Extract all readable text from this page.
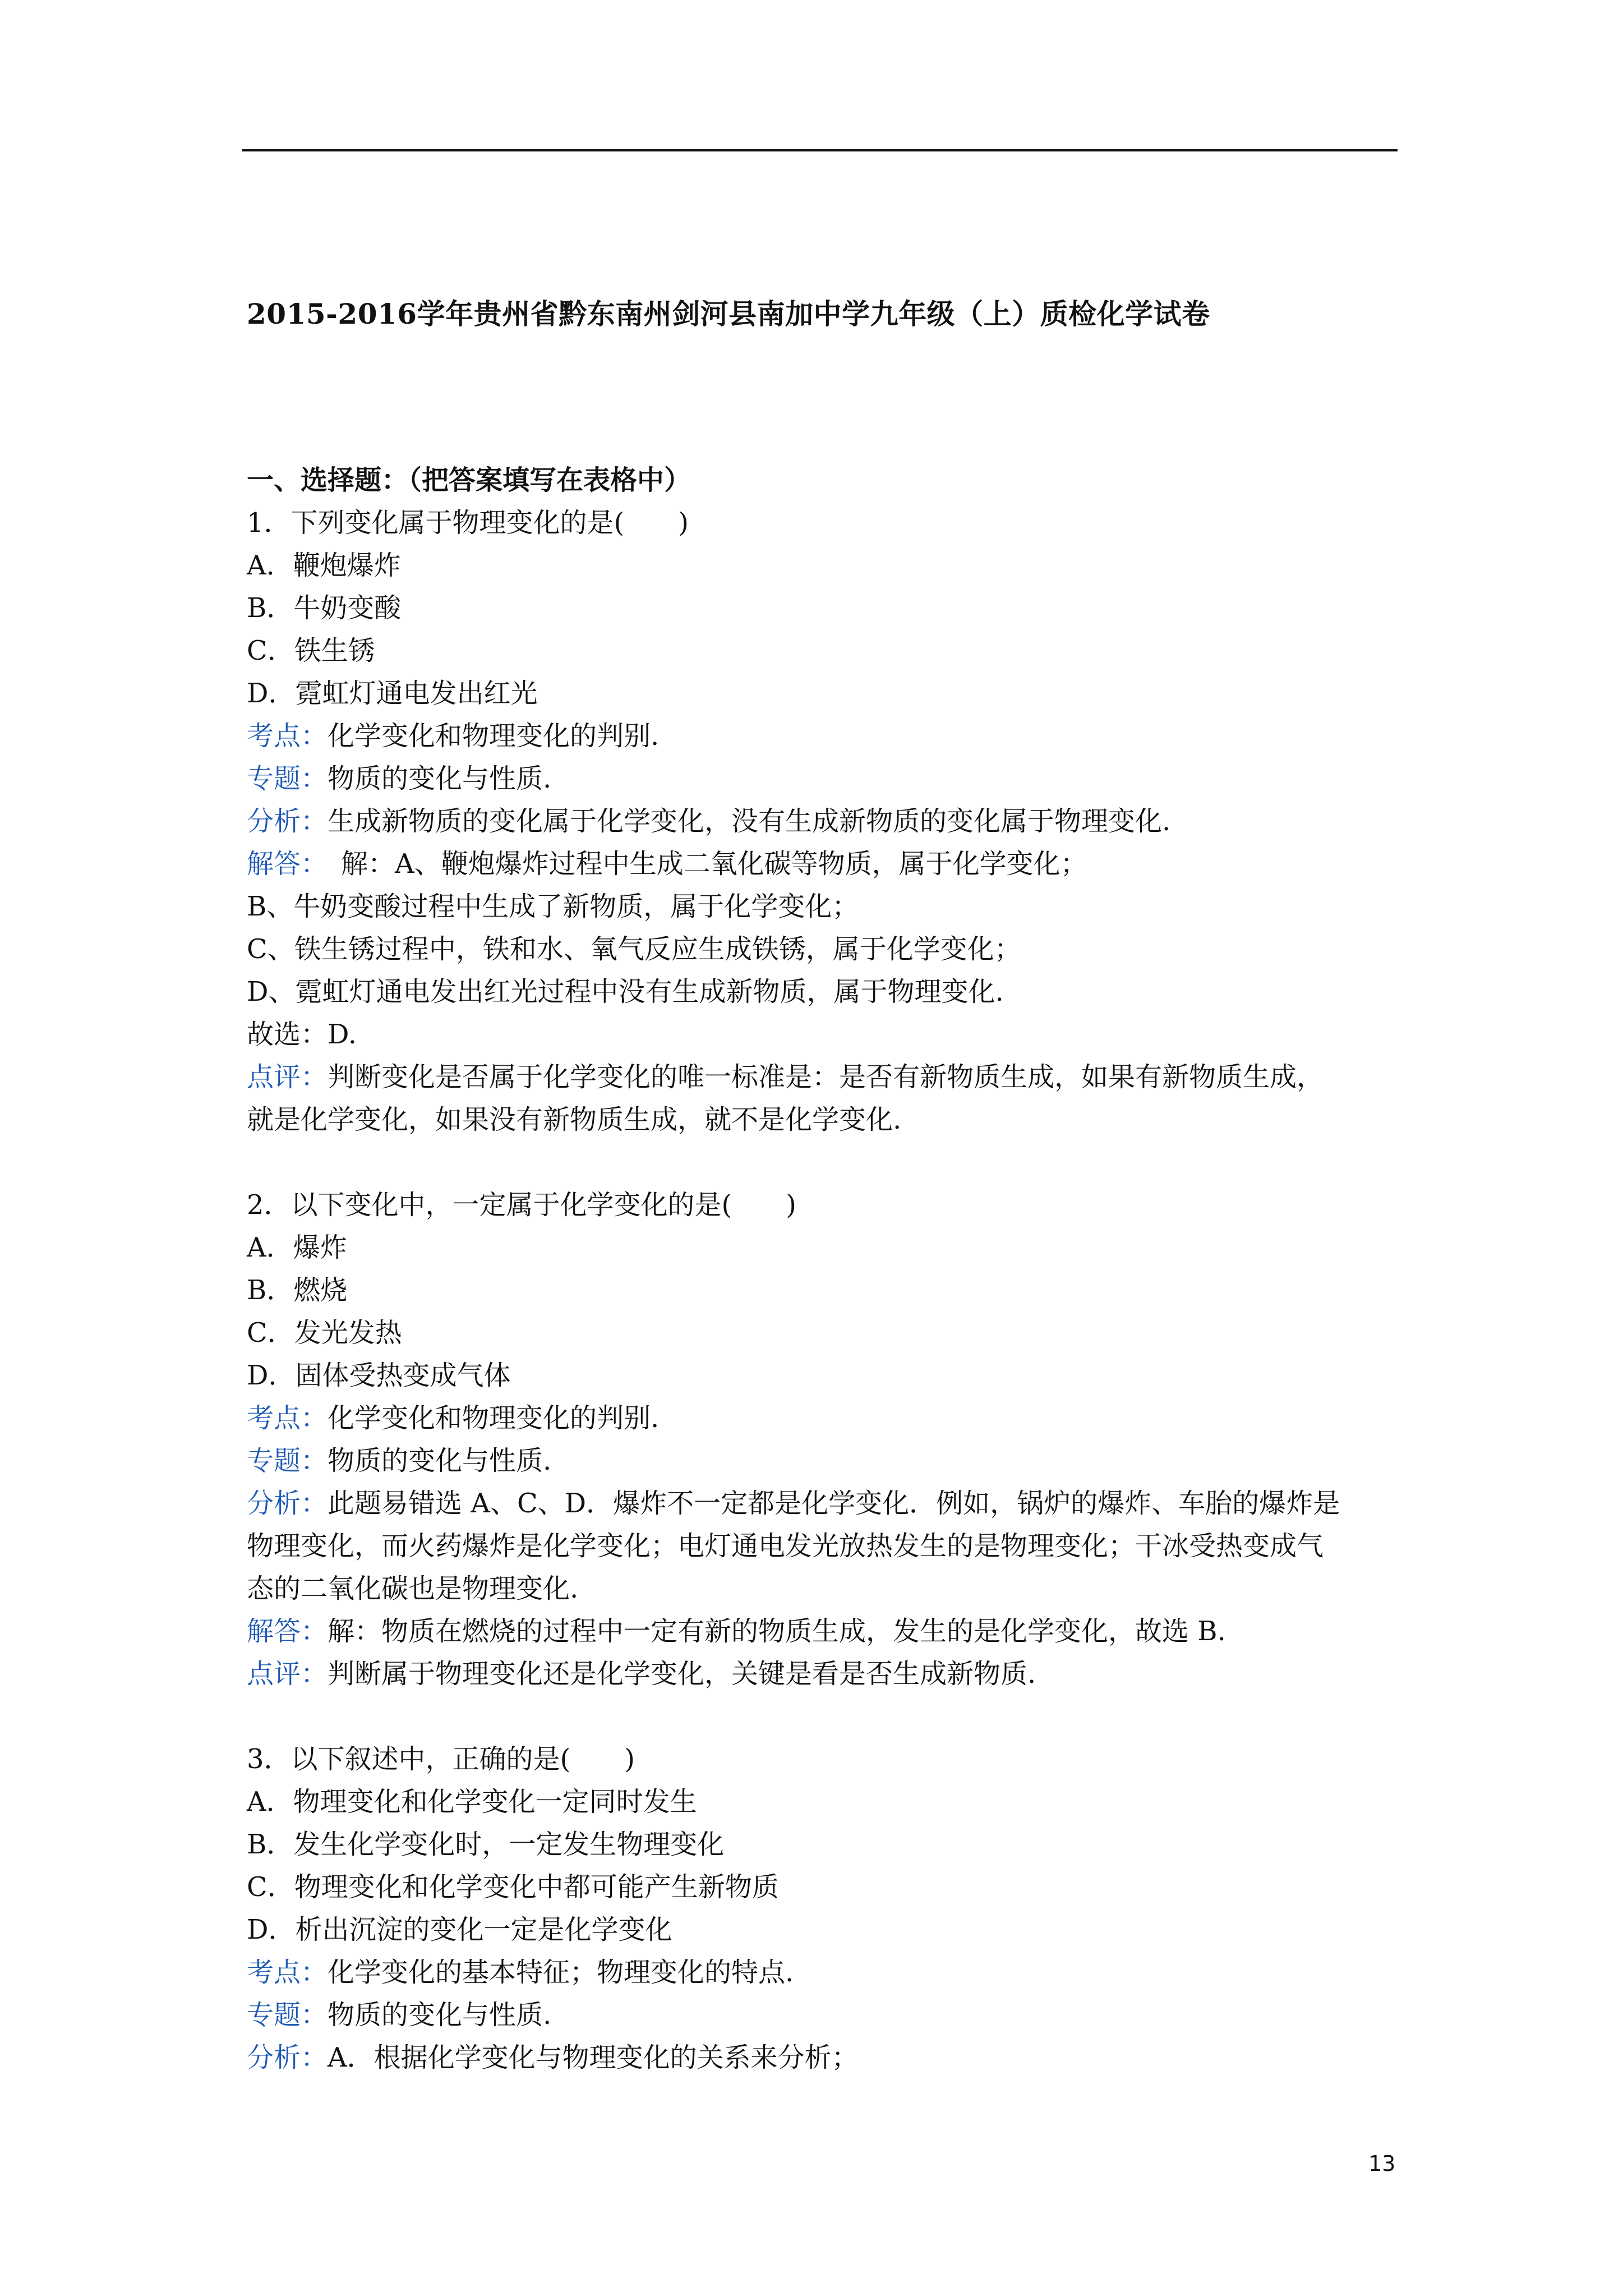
2015-2016学年贵州省黔东南州剑河县南加中学九年级（上）质检化学试卷
一、选择题：（把答案填写在表格中）
1．下列变化属于物理变化的是(　　)
A．鞭炮爆炸
B．牛奶变酸
C．铁生锈
D．霓虹灯通电发出红光
考点：化学变化和物理变化的判别.
专题：物质的变化与性质.
分析：生成新物质的变化属于化学变化，没有生成新物质的变化属于物理变化.
解答：　解：A、鞭炮爆炸过程中生成二氧化碳等物质，属于化学变化；
B、牛奶变酸过程中生成了新物质，属于化学变化；
C、铁生锈过程中，铁和水、氧气反应生成铁锈，属于化学变化；
D、霓虹灯通电发出红光过程中没有生成新物质，属于物理变化.
故选：D.
点评：判断变化是否属于化学变化的唯一标准是：是否有新物质生成，如果有新物质生成，
就是化学变化，如果没有新物质生成，就不是化学变化.
2．以下变化中，一定属于化学变化的是(　　)
A．爆炸
B．燃烧
C．发光发热
D．固体受热变成气体
考点：化学变化和物理变化的判别.
专题：物质的变化与性质.
分析：此题易错选 A、C、D．爆炸不一定都是化学变化．例如，锅炉的爆炸、车胎的爆炸是
物理变化，而火药爆炸是化学变化；电灯通电发光放热发生的是物理变化；干冰受热变成气
态的二氧化碳也是物理变化.
解答：解：物质在燃烧的过程中一定有新的物质生成，发生的是化学变化，故选 B.
点评：判断属于物理变化还是化学变化，关键是看是否生成新物质.
3．以下叙述中，正确的是(　　)
A．物理变化和化学变化一定同时发生
B．发生化学变化时，一定发生物理变化
C．物理变化和化学变化中都可能产生新物质
D．析出沉淀的变化一定是化学变化
考点：化学变化的基本特征；物理变化的特点.
专题：物质的变化与性质.
分析：A．根据化学变化与物理变化的关系来分析；
13
